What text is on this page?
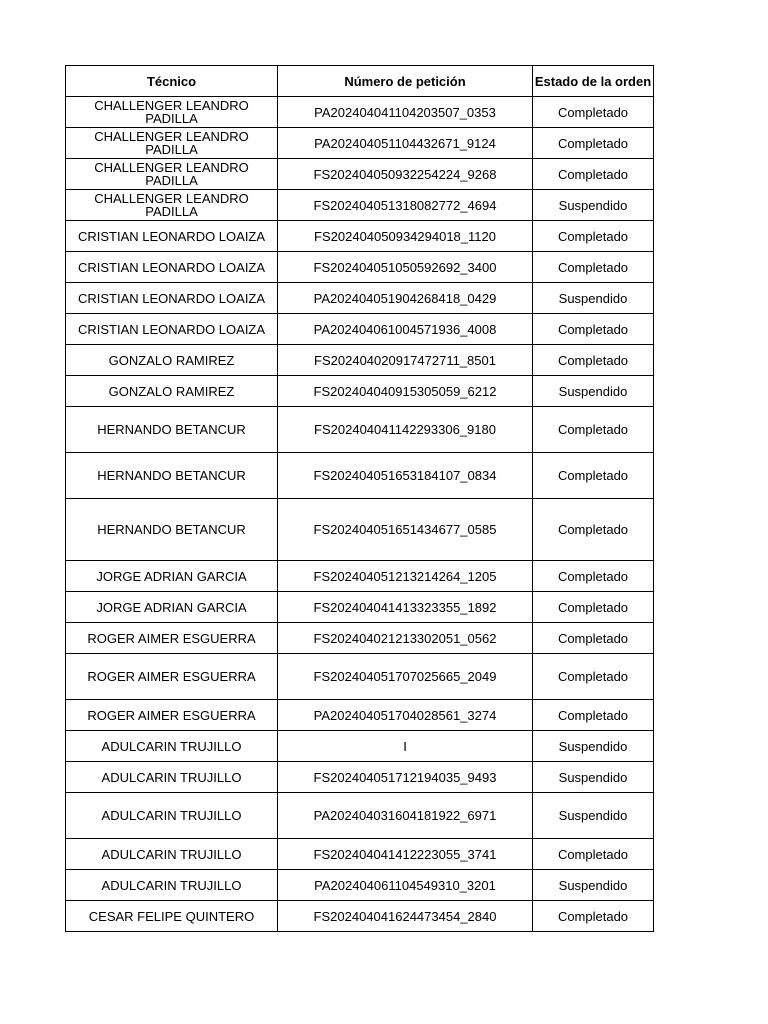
Técnico	Número de petición	Estado de la orden
CHALLENGER LEANDRO PADILLA	PA202404041104203507_0353	Completado
CHALLENGER LEANDRO PADILLA	PA202404051104432671_9124	Completado
CHALLENGER LEANDRO PADILLA	FS202404050932254224_9268	Completado
CHALLENGER LEANDRO PADILLA	FS202404051318082772_4694	Suspendido
CRISTIAN LEONARDO LOAIZA	FS202404050934294018_1120	Completado
CRISTIAN LEONARDO LOAIZA	FS202404051050592692_3400	Completado
CRISTIAN LEONARDO LOAIZA	PA202404051904268418_0429	Suspendido
CRISTIAN LEONARDO LOAIZA	PA202404061004571936_4008	Completado
GONZALO RAMIREZ	FS202404020917472711_8501	Completado
GONZALO RAMIREZ	FS202404040915305059_6212	Suspendido
HERNANDO BETANCUR	FS202404041142293306_9180	Completado
HERNANDO BETANCUR	FS202404051653184107_0834	Completado
HERNANDO BETANCUR	FS202404051651434677_0585	Completado
JORGE ADRIAN GARCIA	FS202404051213214264_1205	Completado
JORGE ADRIAN GARCIA	FS202404041413323355_1892	Completado
ROGER AIMER ESGUERRA	FS202404021213302051_0562	Completado
ROGER AIMER ESGUERRA	FS202404051707025665_2049	Completado
ROGER AIMER ESGUERRA	PA202404051704028561_3274	Completado
ADULCARIN TRUJILLO	I	Suspendido
ADULCARIN TRUJILLO	FS202404051712194035_9493	Suspendido
ADULCARIN TRUJILLO	PA202404031604181922_6971	Suspendido
ADULCARIN TRUJILLO	FS202404041412223055_3741	Completado
ADULCARIN TRUJILLO	PA202404061104549310_3201	Suspendido
CESAR FELIPE QUINTERO	FS202404041624473454_2840	Completado
